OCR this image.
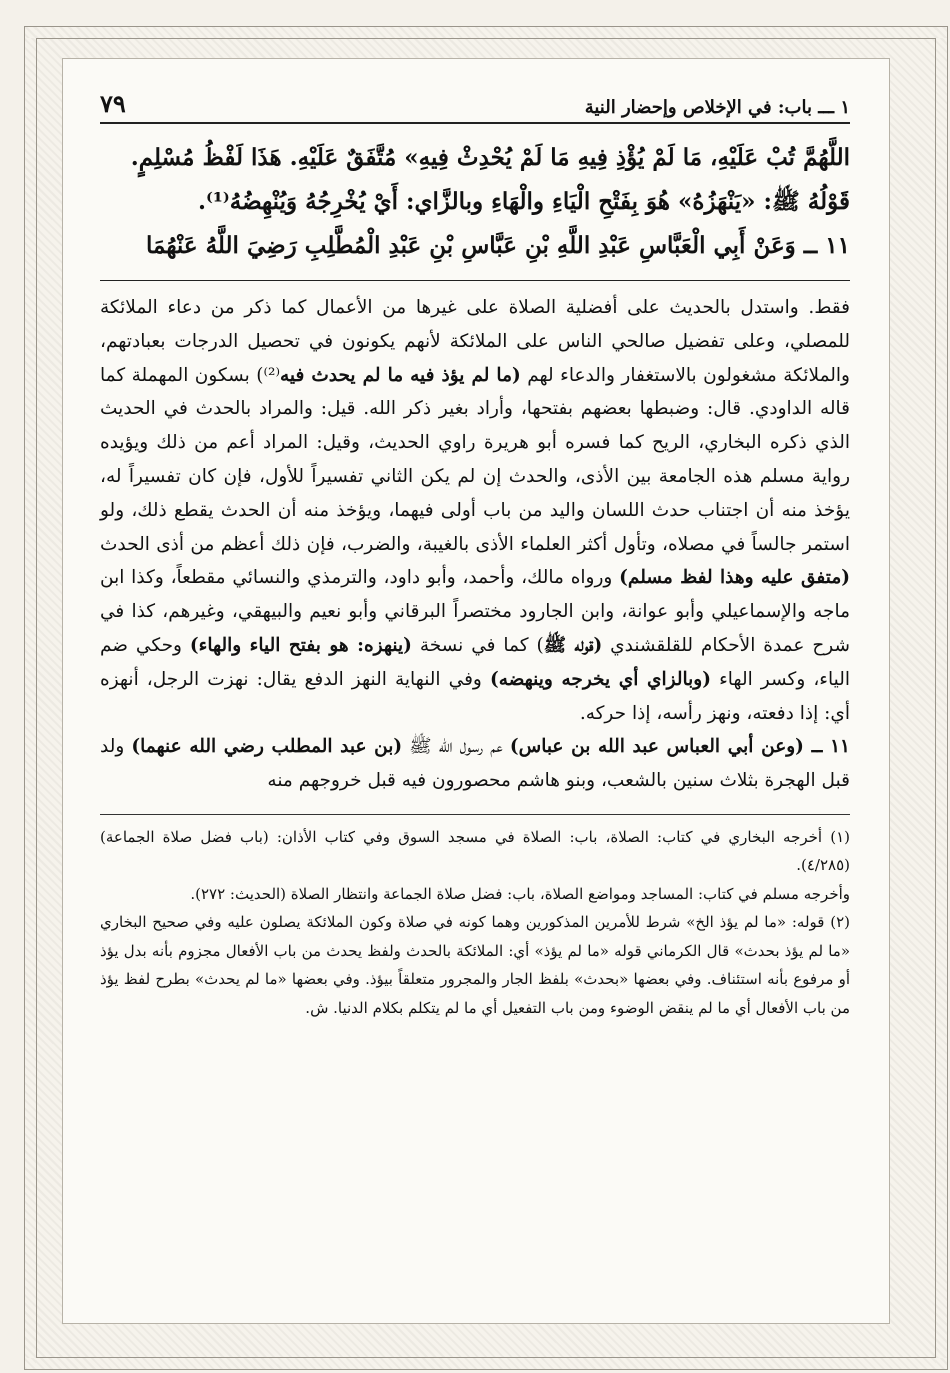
١ ـــ باب: في الإخلاص وإحضار النية
٧٩

اللَّهُمَّ تُبْ عَلَيْهِ، مَا لَمْ يُؤْذِ فِيهِ مَا لَمْ يُحْدِثْ فِيهِ» مُتَّفَقٌ عَلَيْهِ. هَذَا لَفْظُ مُسْلِمٍ.

قَوْلُهُ ﷺ: «يَنْهَزُهُ» هُوَ بِفَتْحِ الْيَاءِ والْهَاءِ وبالزَّاي: أَيْ يُخْرِجُهُ وَيُنْهِضُهُ⁽¹⁾.

١١ ــ وَعَنْ أَبِي الْعَبَّاسِ عَبْدِ اللَّهِ بْنِ عَبَّاسِ بْنِ عَبْدِ الْمُطَّلِبِ رَضِيَ اللَّهُ عَنْهُمَا

فقط. واستدل بالحديث على أفضلية الصلاة على غيرها من الأعمال كما ذكر من دعاء الملائكة للمصلي، وعلى تفضيل صالحي الناس على الملائكة لأنهم يكونون في تحصيل الدرجات بعبادتهم، والملائكة مشغولون بالاستغفار والدعاء لهم (ما لم يؤذ فيه ما لم يحدث فيه⁽²⁾) بسكون المهملة كما قاله الداودي. قال: وضبطها بعضهم بفتحها، وأراد بغير ذكر الله. قيل: والمراد بالحدث في الحديث الذي ذكره البخاري، الريح كما فسره أبو هريرة راوي الحديث، وقيل: المراد أعم من ذلك ويؤيده رواية مسلم هذه الجامعة بين الأذى، والحدث إن لم يكن الثاني تفسيراً للأول، فإن كان تفسيراً له، يؤخذ منه أن اجتناب حدث اللسان واليد من باب أولى فيهما، ويؤخذ منه أن الحدث يقطع ذلك، ولو استمر جالساً في مصلاه، وتأول أكثر العلماء الأذى بالغيبة، والضرب، فإن ذلك أعظم من أذى الحدث (متفق عليه وهذا لفظ مسلم) ورواه مالك، وأحمد، وأبو داود، والترمذي والنسائي مقطعاً، وكذا ابن ماجه والإسماعيلي وأبو عوانة، وابن الجارود مختصراً البرقاني وأبو نعيم والبيهقي، وغيرهم، كذا في شرح عمدة الأحكام للقلقشندي (قوله ﷺ) كما في نسخة (ينهزه: هو بفتح الياء والهاء) وحكي ضم الياء، وكسر الهاء (وبالزاي أي يخرجه وينهضه) وفي النهاية النهز الدفع يقال: نهزت الرجل، أنهزه أي: إذا دفعته، ونهز رأسه، إذا حركه.

١١ ــ (وعن أبي العباس عبد الله بن عباس) عم رسول الله ﷺ (بن عبد المطلب رضي الله عنهما) ولد قبل الهجرة بثلاث سنين بالشعب، وبنو هاشم محصورون فيه قبل خروجهم منه

(١) أخرجه البخاري في كتاب: الصلاة، باب: الصلاة في مسجد السوق وفي كتاب الأذان: (باب فضل صلاة الجماعة) (٤/٢٨٥).

وأخرجه مسلم في كتاب: المساجد ومواضع الصلاة، باب: فضل صلاة الجماعة وانتظار الصلاة (الحديث: ٢٧٢).

(٢) قوله: «ما لم يؤذ الخ» شرط للأمرين المذكورين وهما كونه في صلاة وكون الملائكة يصلون عليه وفي صحيح البخاري «ما لم يؤذ بحدث» قال الكرماني قوله «ما لم يؤذ» أي: الملائكة بالحدث ولفظ يحدث من باب الأفعال مجزوم بأنه بدل يؤذ أو مرفوع بأنه استئناف. وفي بعضها «بحدث» بلفظ الجار والمجرور متعلقاً بيؤذ. وفي بعضها «ما لم يحدث» بطرح لفظ يؤذ من باب الأفعال أي ما لم ينقض الوضوء ومن باب التفعيل أي ما لم يتكلم بكلام الدنيا. ش.
